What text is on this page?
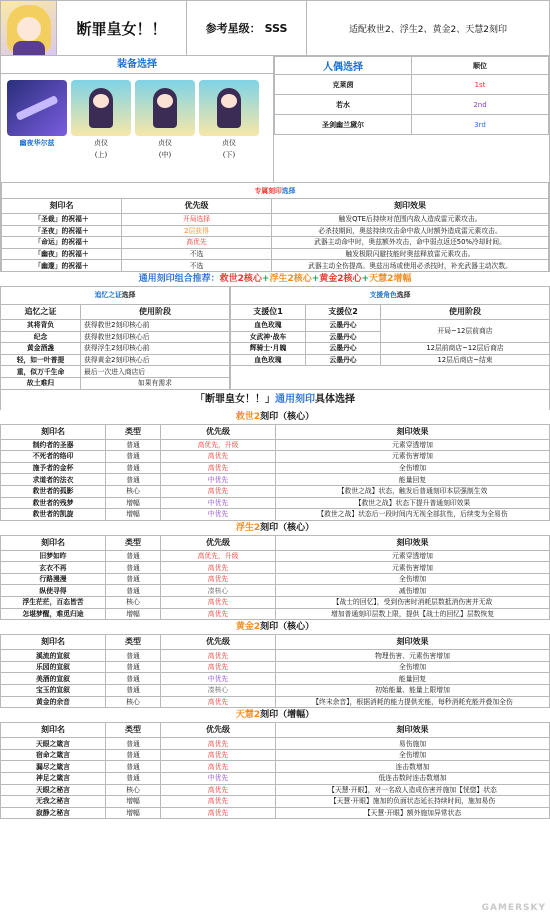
断罪皇女！！	参考星级： SSS	适配救世2、浮生2、黄金2、天慧2刻印
装备选择
幽夜华尔兹	贞仪
(上)
贞仪
(中)
贞仪
(下)
人偶选择	顺位
克莱茵	1st
若水	2nd
圣剑幽兰黛尔	3rd
专属刻印选择		
刻印名	优先级	刻印效果
「圣裁」的祝福＋	开局选择	触发QTE后持续对范围内敌人造成雷元素攻击。
「圣夜」的祝福＋	2层获得	必杀技期间，奥兹持续攻击命中敌人时额外造成雷元素攻击。
「命运」的祝福＋	高优先	武器主动命中时，奥兹额外攻击，命中弱点返还50%冷却时间。
「幽夜」的祝福＋	不选	触发极限闪避技能时奥兹释放雷元素攻击。
「幽邃」的祝福＋	不选	武器主动全伤提高。奥兹出场或使用必杀技时，补充武器主动次数。
通用刻印组合推荐：救世2核心+浮生2核心+黄金2核心+天慧2增幅
追忆之证选择	
追忆之证	使用阶段
其将背负	获得救世2刻印核心前
纪念	获得救世2刻印核心后
黄金酒盏	获得浮生2刻印核心前
轻，如一叶普提	获得黄金2刻印核心后
重，似万千生命	最后一次进入商店后
故土难归	如果有需求
支援角色选择		
支援位1	支援位2	使用阶段
血色玫瑰	云墨丹心	开局~12层前商店
女武神·战车	云墨丹心	
辉骑士·月魄	云墨丹心	12层前商店~12层后商店
血色玫瑰	云墨丹心	12层后商店~结束

「断罪皇女！！」通用刻印具体选择
救世2刻印（核心）
刻印名	类型	优先级	刻印效果
制约者的圣器	普通	高优先，升级	元素穿透增加
不死者的络印	普通	高优先	元素伤害增加
施予者的金杯	普通	高优先	全伤增加
求道者的法衣	普通	中优先	能量回复
救世者的孤影	核心	高优先	【救世之战】状态，触发后普通刻印本层强制生效
救世者的残梦	增幅	中优先	【救世之战】状态下提升普通刻印效果
救世者的凯旋	增幅	中优先	【救世之战】状态后一段时间内无视全部抗性，后续变为全易伤
浮生2刻印（核心）
刻印名	类型	优先级	刻印效果
旧梦如昨	普通	高优先，升级	元素穿透增加
玄衣不再	普通	高优先	元素伤害增加
行路漫漫	普通	高优先	全伤增加
纵使寻得	普通	凑核心	减伤增加
浮生茫茫，百态皆苦	核心	高优先	【战士的回忆】，受到伤害时消耗层数抵消伤害并无敌
怎堪梦醒，难觅归途	增幅	高优先	增加普通刻印层数上限，提供【战士的回忆】层数恢复
黄金2刻印（核心）
刻印名	类型	优先级	刻印效果
溪流的宣叙	普通	高优先	物理伤害、元素伤害增加
乐园的宣叙	普通	高优先	全伤增加
美酒的宣叙	普通	中优先	能量回复
宝玉的宣叙	普通	凑核心	初始能量、能量上限增加
黄金的余音	核心	高优先	【终末余音】，根据消耗的能力提供充能，每秒消耗充能并叠加全伤
天慧2刻印（增幅）
刻印名	类型	优先级	刻印效果
天眼之箴言	普通	高优先	易伤施加
宿命之箴言	普通	高优先	全伤增加
漏尽之箴言	普通	高优先	连击数增加
神足之箴言	普通	中优先	低连击数时连击数增加
天眼之秘言	核心	高优先	【天慧·开眼】，对一名敌人造成伤害并施加【恍惚】状态
无我之秘言	增幅	高优先	【天慧·开眼】施加的负面状态延长持续时间，施加易伤
寂静之秘言	增幅	高优先	【天慧·开眼】额外施加异常状态
GAMERSKY
